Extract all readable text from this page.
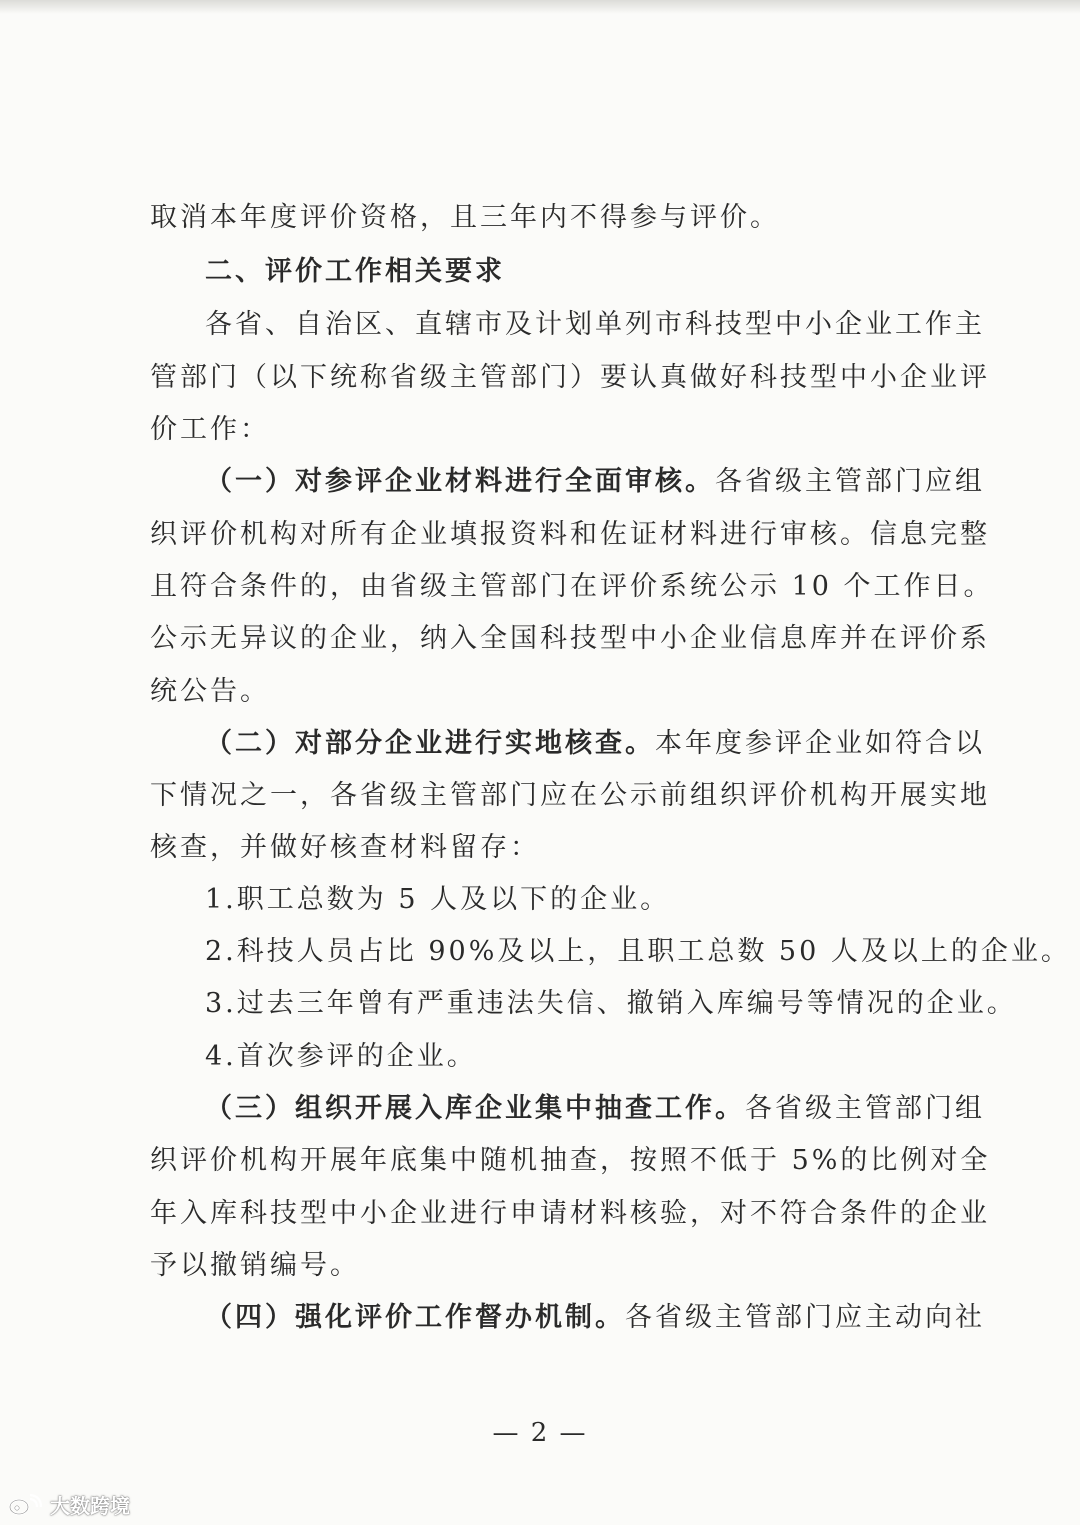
取消本年度评价资格，且三年内不得参与评价。
二、评价工作相关要求
各省、自治区、直辖市及计划单列市科技型中小企业工作主
管部门（以下统称省级主管部门）要认真做好科技型中小企业评
价工作：
（一）对参评企业材料进行全面审核。各省级主管部门应组
织评价机构对所有企业填报资料和佐证材料进行审核。信息完整
且符合条件的，由省级主管部门在评价系统公示 10 个工作日。
公示无异议的企业，纳入全国科技型中小企业信息库并在评价系
统公告。
（二）对部分企业进行实地核查。本年度参评企业如符合以
下情况之一，各省级主管部门应在公示前组织评价机构开展实地
核查，并做好核查材料留存：
1.职工总数为 5 人及以下的企业。
2.科技人员占比 90%及以上，且职工总数 50 人及以上的企业。
3.过去三年曾有严重违法失信、撤销入库编号等情况的企业。
4.首次参评的企业。
（三）组织开展入库企业集中抽查工作。各省级主管部门组
织评价机构开展年底集中随机抽查，按照不低于 5%的比例对全
年入库科技型中小企业进行申请材料核验，对不符合条件的企业
予以撤销编号。
（四）强化评价工作督办机制。各省级主管部门应主动向社
— 2 —
大数跨境
